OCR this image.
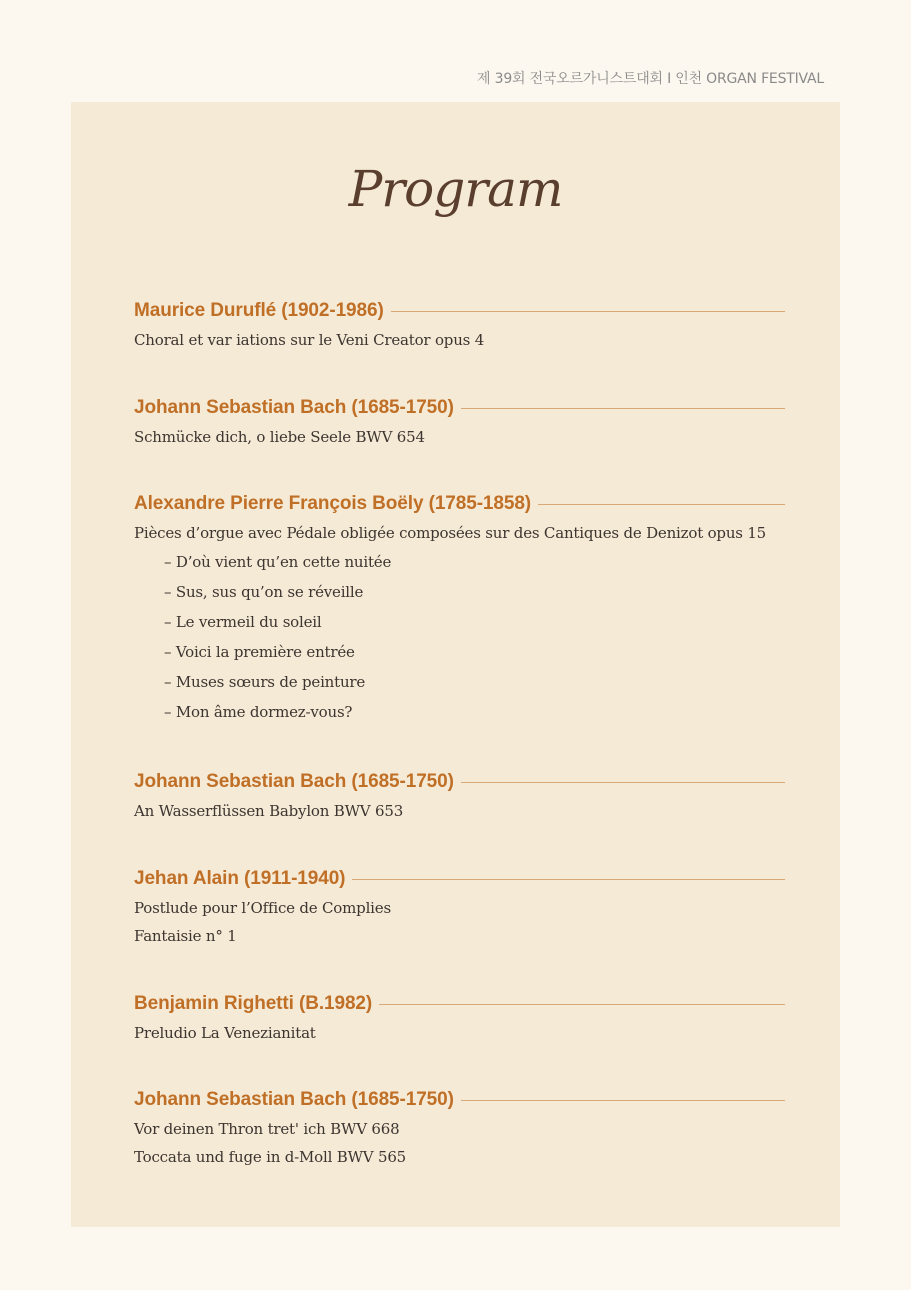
제 39회 전국오르가니스트대회 I 인천 ORGAN FESTIVAL
Program
Maurice Duruflé (1902-1986)
Choral et var iations sur le Veni Creator opus 4
Johann Sebastian Bach (1685-1750)
Schmücke dich, o liebe Seele BWV 654
Alexandre Pierre François Boëly (1785-1858)
Pièces d’orgue avec Pédale obligée composées sur des Cantiques de Denizot opus 15
– D’où vient qu’en cette nuitée
– Sus, sus qu’on se réveille
– Le vermeil du soleil
– Voici la première entrée
– Muses sœurs de peinture
– Mon âme dormez-vous?
Johann Sebastian Bach (1685-1750)
An Wasserflüssen Babylon BWV 653
Jehan Alain (1911-1940)
Postlude pour l’Office de Complies
Fantaisie n° 1
Benjamin Righetti (B.1982)
Preludio La Venezianitat
Johann Sebastian Bach (1685-1750)
Vor deinen Thron tret' ich BWV 668
Toccata und fuge in d-Moll BWV 565
